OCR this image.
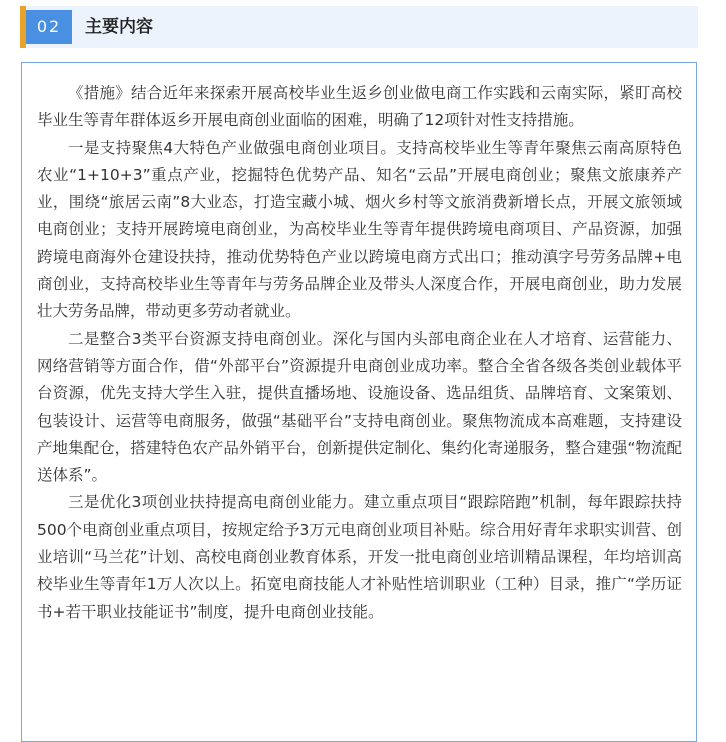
02	主要内容

《措施》结合近年来探索开展高校毕业生返乡创业做电商工作实践和云南实际，紧盯高校毕业生等青年群体返乡开展电商创业面临的困难，明确了12项针对性支持措施。

一是支持聚焦4大特色产业做强电商创业项目。支持高校毕业生等青年聚焦云南高原特色农业“1+10+3”重点产业，挖掘特色优势产品、知名“云品”开展电商创业；聚焦文旅康养产业，围绕“旅居云南”8大业态，打造宝藏小城、烟火乡村等文旅消费新增长点，开展文旅领域电商创业；支持开展跨境电商创业，为高校毕业生等青年提供跨境电商项目、产品资源，加强跨境电商海外仓建设扶持，推动优势特色产业以跨境电商方式出口；推动滇字号劳务品牌+电商创业，支持高校毕业生等青年与劳务品牌企业及带头人深度合作，开展电商创业，助力发展壮大劳务品牌，带动更多劳动者就业。

二是整合3类平台资源支持电商创业。深化与国内头部电商企业在人才培育、运营能力、网络营销等方面合作，借“外部平台”资源提升电商创业成功率。整合全省各级各类创业载体平台资源，优先支持大学生入驻，提供直播场地、设施设备、选品组货、品牌培育、文案策划、包装设计、运营等电商服务，做强“基础平台”支持电商创业。聚焦物流成本高难题，支持建设产地集配仓，搭建特色农产品外销平台，创新提供定制化、集约化寄递服务，整合建强“物流配送体系”。

三是优化3项创业扶持提高电商创业能力。建立重点项目“跟踪陪跑”机制，每年跟踪扶持500个电商创业重点项目，按规定给予3万元电商创业项目补贴。综合用好青年求职实训营、创业培训“马兰花”计划、高校电商创业教育体系，开发一批电商创业培训精品课程，年均培训高校毕业生等青年1万人次以上。拓宽电商技能人才补贴性培训职业（工种）目录，推广“学历证书+若干职业技能证书”制度，提升电商创业技能。
